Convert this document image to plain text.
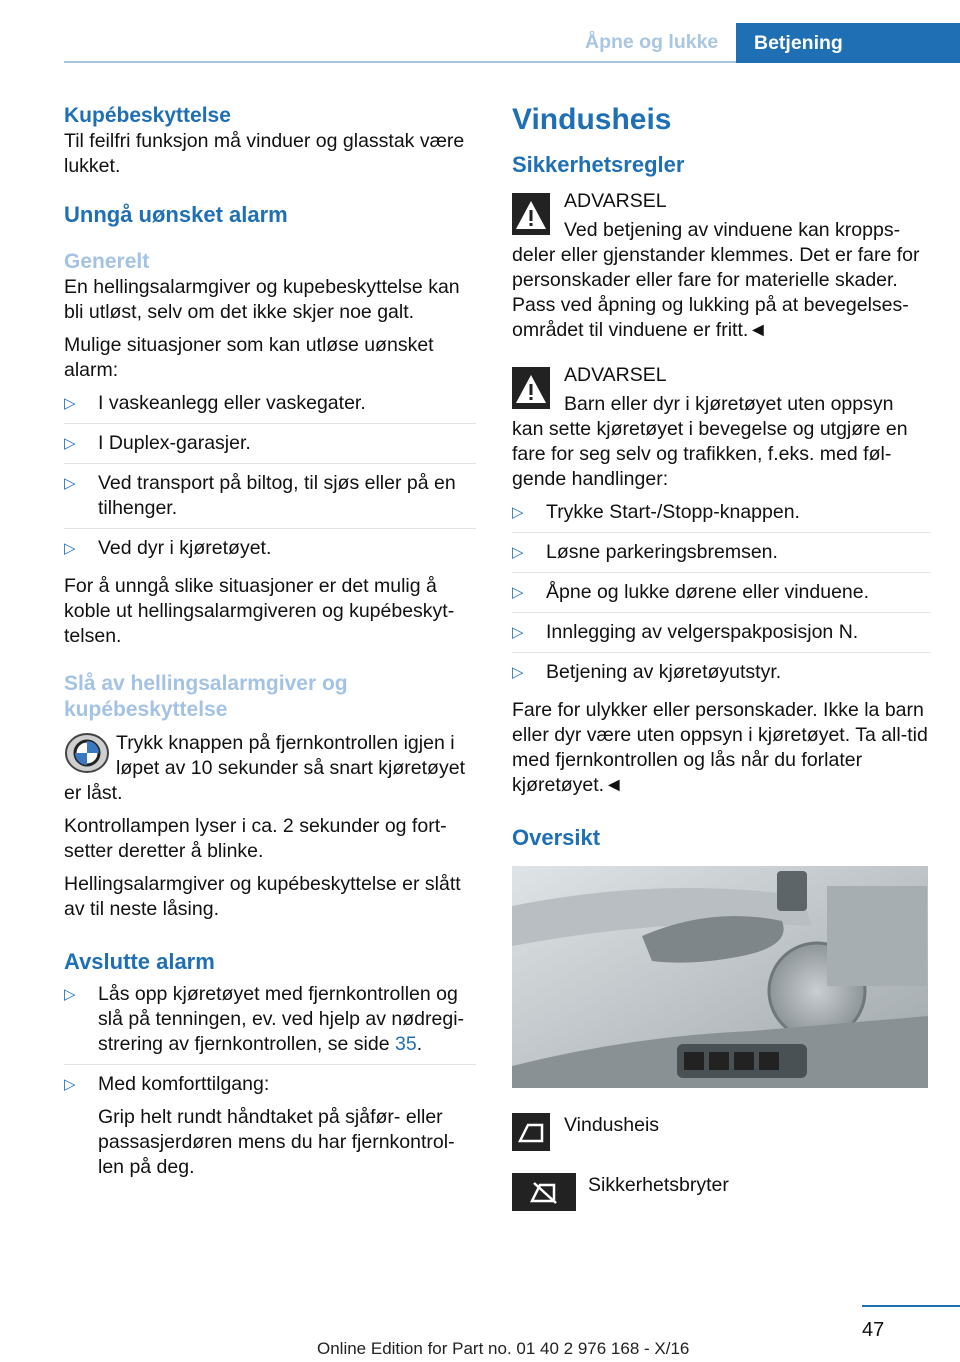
Åpne og lukke	Betjening
Kupébeskyttelse

Til feilfri funksjon må vinduer og glasstak være lukket.

Unngå uønsket alarm
Generelt

En hellingsalarmgiver og kupebeskyttelse kan bli utløst, selv om det ikke skjer noe galt.

Mulige situasjoner som kan utløse uønsket alarm:

▷ I vaskeanlegg eller vaskegater.
▷ I Duplex-garasjer.
▷ Ved transport på biltog, til sjøs eller på en tilhenger.
▷ Ved dyr i kjøretøyet.

For å unngå slike situasjoner er det mulig å koble ut hellingsalarmgiveren og kupébeskyt‐telsen.

Slå av hellingsalarmgiver og kupébeskyttelse

Trykk knappen på fjernkontrollen igjen i løpet av 10 sekunder så snart kjøretøyet er låst.

Kontrollampen lyser i ca. 2 sekunder og fort‐setter deretter å blinke.

Hellingsalarmgiver og kupébeskyttelse er slått av til neste låsing.

Avslutte alarm
▷ Lås opp kjøretøyet med fjernkontrollen og slå på tenningen, ev. ved hjelp av nødregi‐strering av fjernkontrollen, se side 35.
▷ Med komforttilgang:
Grip helt rundt håndtaket på sjåfør- eller passasjerdøren mens du har fjernkontrol‐len på deg.
Vindusheis
Sikkerhetsregler
ADVARSEL

Ved betjening av vinduene kan kropps‐deler eller gjenstander klemmes. Det er fare for personskader eller fare for materielle skader. Pass ved åpning og lukking på at bevegelses‐området til vinduene er fritt.◄

ADVARSEL

Barn eller dyr i kjøretøyet uten oppsyn kan sette kjøretøyet i bevegelse og utgjøre en fare for seg selv og trafikken, f.eks. med føl‐gende handlinger:

▷ Trykke Start-/Stopp-knappen.
▷ Løsne parkeringsbremsen.
▷ Åpne og lukke dørene eller vinduene.
▷ Innlegging av velgerspakposisjon N.
▷ Betjening av kjøretøyutstyr.

Fare for ulykker eller personskader. Ikke la barn eller dyr være uten oppsyn i kjøretøyet. Ta all‐tid med fjernkontrollen og lås når du forlater kjøretøyet.◄

Oversikt
Vindusheis
Sikkerhetsbryter
47
Online Edition for Part no. 01 40 2 976 168 - X/16
